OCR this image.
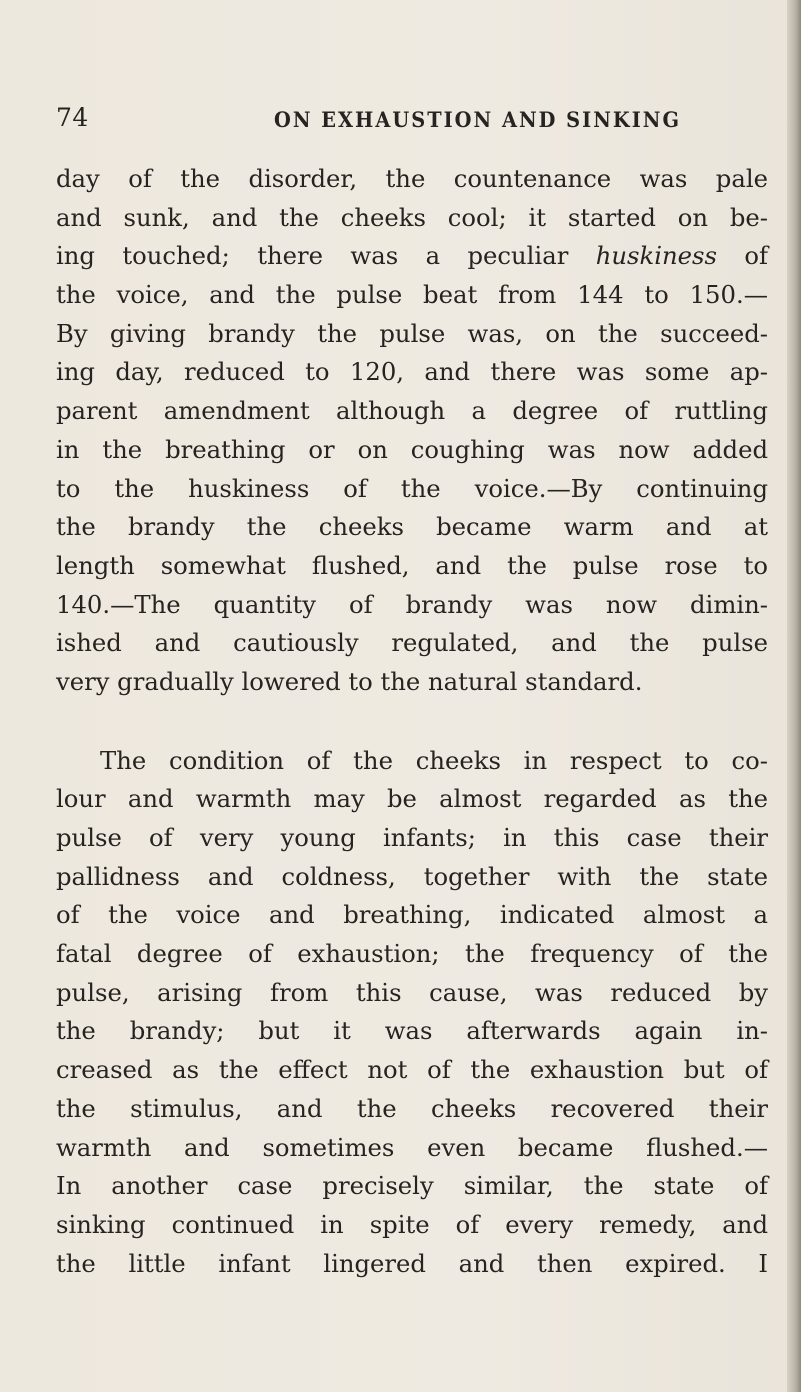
74	ON EXHAUSTION AND SINKING
day of the disorder, the countenance was pale
and sunk, and the cheeks cool; it started on be-
ing touched; there was a peculiar huskiness of
the voice, and the pulse beat from 144 to 150.—
By giving brandy the pulse was, on the succeed-
ing day, reduced to 120, and there was some ap-
parent amendment although a degree of ruttling
in the breathing or on coughing was now added
to the huskiness of the voice.—By continuing
the brandy the cheeks became warm and at
length somewhat flushed, and the pulse rose to
140.—The quantity of brandy was now dimin-
ished and cautiously regulated, and the pulse
very gradually lowered to the natural standard.
The condition of the cheeks in respect to co-
lour and warmth may be almost regarded as the
pulse of very young infants; in this case their
pallidness and coldness, together with the state
of the voice and breathing, indicated almost a
fatal degree of exhaustion; the frequency of the
pulse, arising from this cause, was reduced by
the brandy; but it was afterwards again in-
creased as the effect not of the exhaustion but of
the stimulus, and the cheeks recovered their
warmth and sometimes even became flushed.—
In another case precisely similar, the state of
sinking continued in spite of every remedy, and
the little infant lingered and then expired. I
